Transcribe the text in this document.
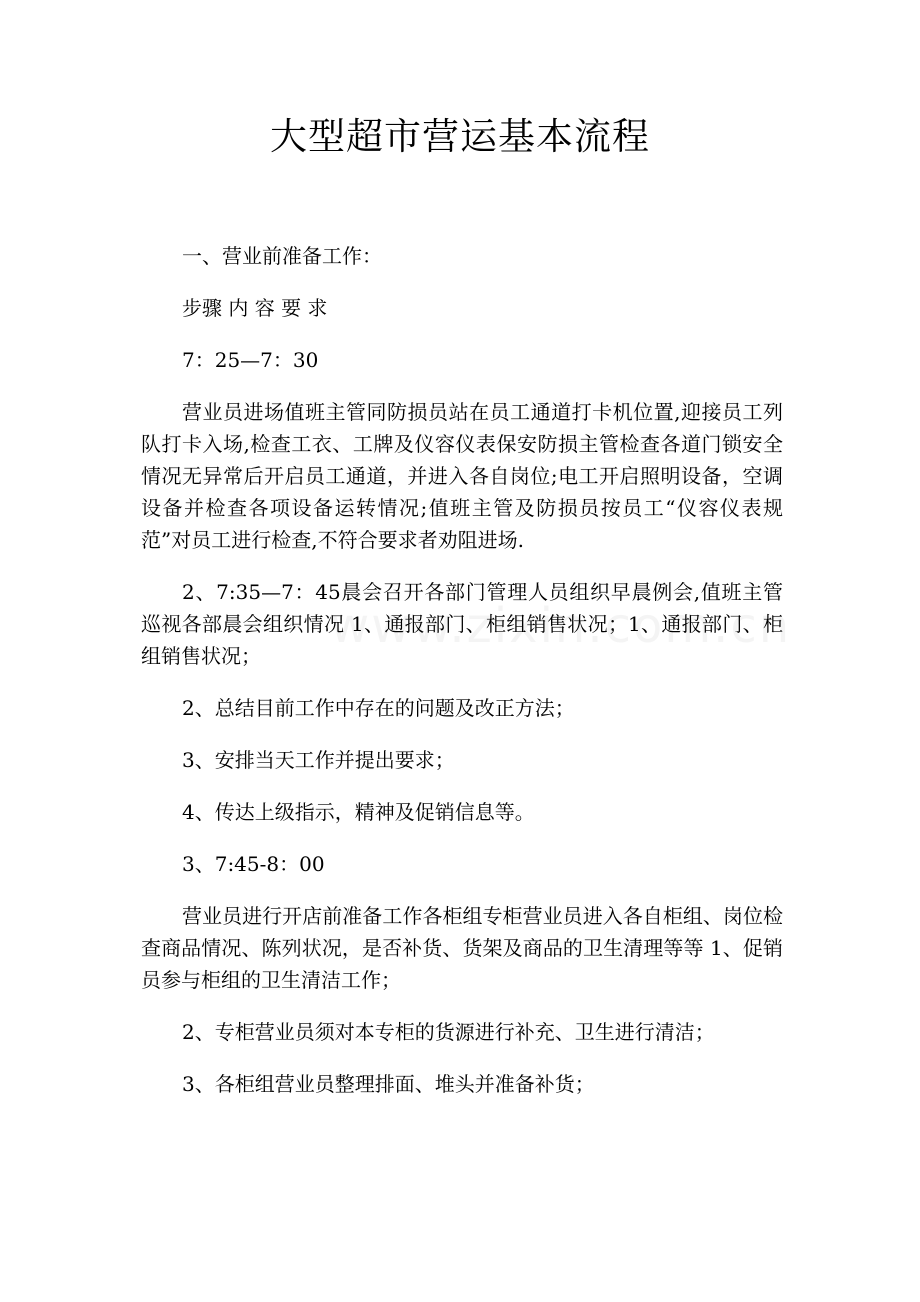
大型超市营运基本流程

一、营业前准备工作：

步骤 内 容 要 求

7：25—7：30

营业员进场值班主管同防损员站在员工通道打卡机位置,迎接员工列队打卡入场,检查工衣、工牌及仪容仪表保安防损主管检查各道门锁安全情况无异常后开启员工通道，并进入各自岗位;电工开启照明设备，空调设备并检查各项设备运转情况;值班主管及防损员按员工“仪容仪表规范”对员工进行检查,不符合要求者劝阻进场.

2、7:35—7：45晨会召开各部门管理人员组织早晨例会,值班主管巡视各部晨会组织情况 1、通报部门、柜组销售状况；1、通报部门、柜组销售状况；

2、总结目前工作中存在的问题及改正方法；

3、安排当天工作并提出要求；

4、传达上级指示，精神及促销信息等。

3、7:45-8：00

营业员进行开店前准备工作各柜组专柜营业员进入各自柜组、岗位检查商品情况、陈列状况，是否补货、货架及商品的卫生清理等等 1、促销员参与柜组的卫生清洁工作；

2、专柜营业员须对本专柜的货源进行补充、卫生进行清洁；

3、各柜组营业员整理排面、堆头并准备补货；
